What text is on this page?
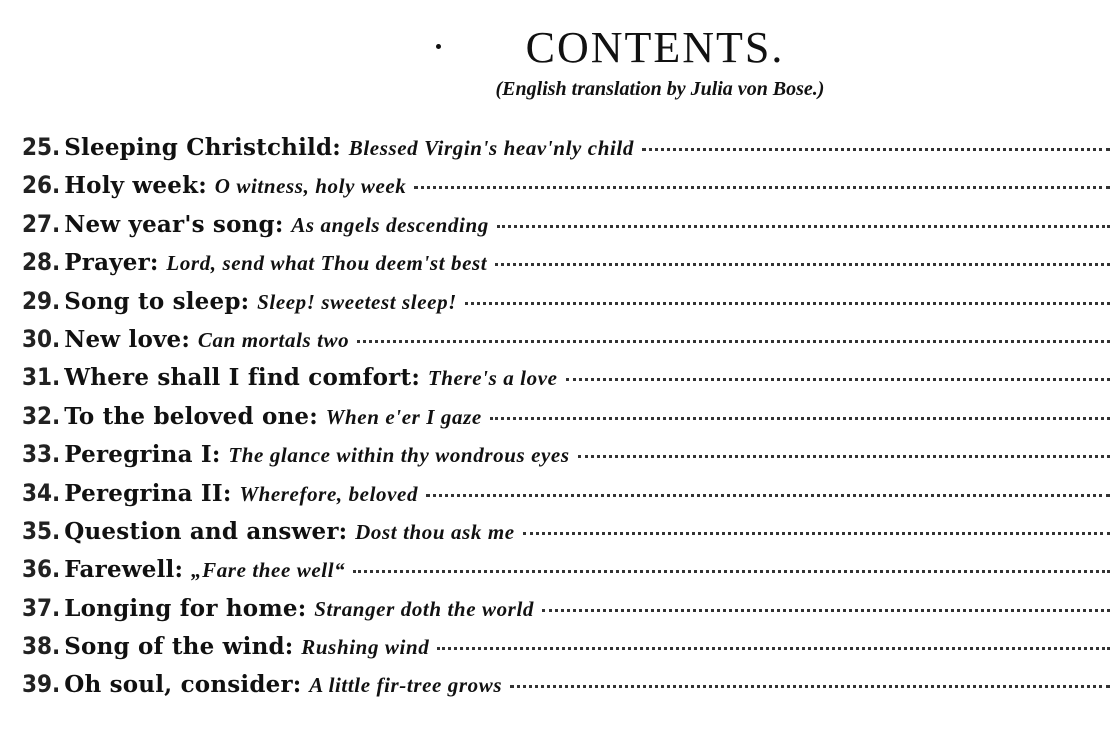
CONTENTS.
(English translation by Julia von Bose.)
25. Sleeping Christchild : Blessed Virgin's heav'nly child
26. Holy week : O witness, holy week
27. New year's song : As angels descending
28. Prayer : Lord, send what Thou deem'st best
29. Song to sleep : Sleep! sweetest sleep!
30. New love : Can mortals two
31. Where shall I find comfort : There's a love
32. To the beloved one : When e'er I gaze
33. Peregrina I : The glance within thy wondrous eyes
34. Peregrina II : Wherefore, beloved
35. Question and answer : Dost thou ask me
36. Farewell : „Fare thee well“
37. Longing for home : Stranger doth the world
38. Song of the wind : Rushing wind
39. Oh soul, consider : A little fir-tree grows
